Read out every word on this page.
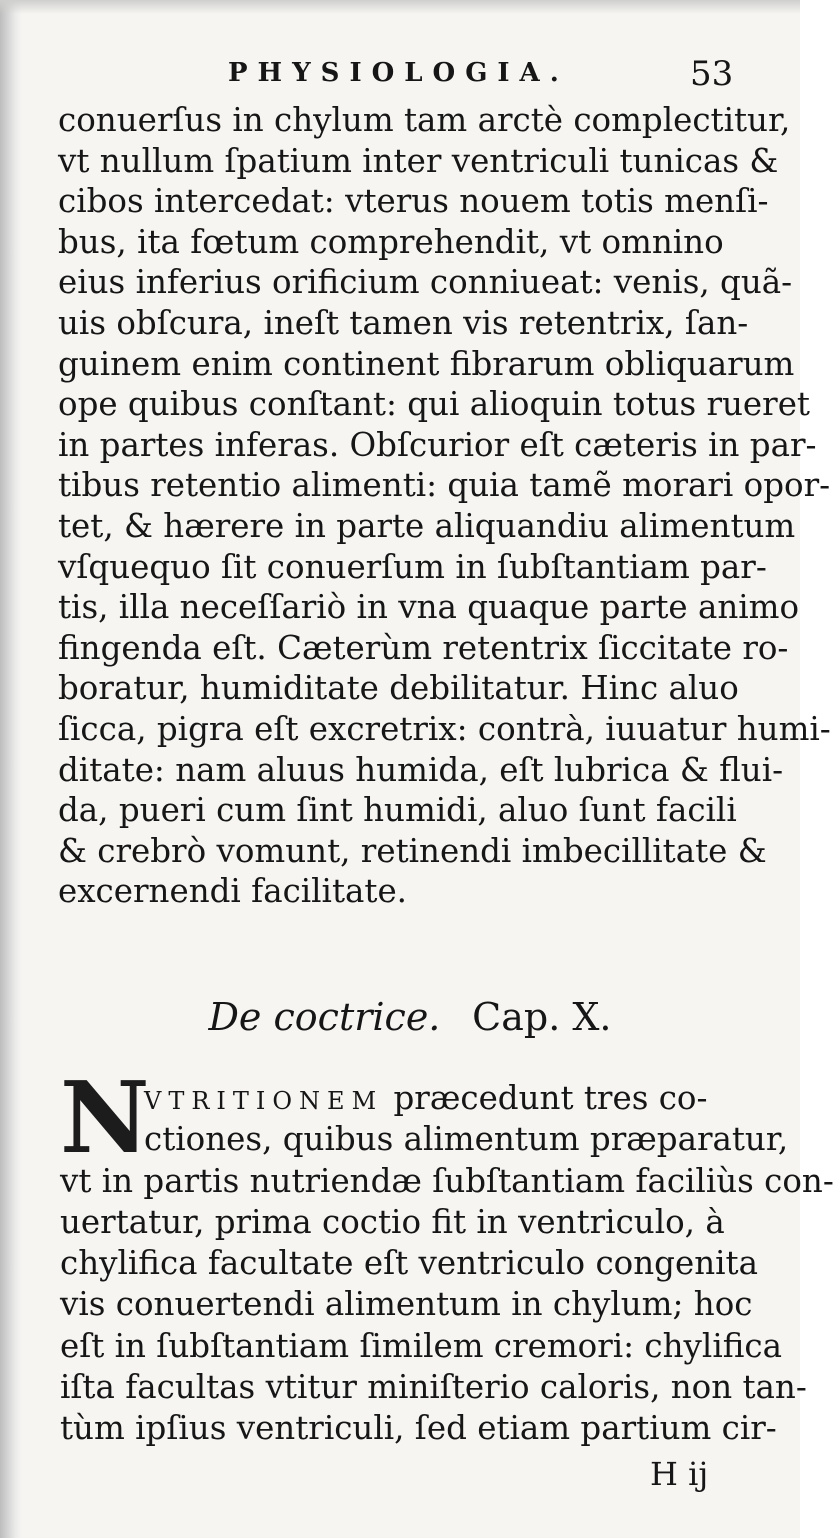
PHYSIOLOGIA.	53
conuerſus in chylum tam arctè complectitur,
vt nullum ſpatium inter ventriculi tunicas &
cibos intercedat: vterus nouem totis menſi-
bus, ita fœtum comprehendit, vt omnino
eius inferius orificium conniueat: venis, quã-
uis obſcura, ineſt tamen vis retentrix, ſan-
guinem enim continent fibrarum obliquarum
ope quibus conſtant: qui alioquin totus rueret
in partes inferas. Obſcurior eſt cæteris in par-
tibus retentio alimenti: quia tamẽ morari opor-
tet, & hærere in parte aliquandiu alimentum
vſquequo ſit conuerſum in ſubſtantiam par-
tis, illa neceſſariò in vna quaque parte animo
fingenda eſt. Cæterùm retentrix ſiccitate ro-
boratur, humiditate debilitatur. Hinc aluo
ſicca, pigra eſt excretrix: contrà, iuuatur humi-
ditate: nam aluus humida, eſt lubrica & flui-
da, pueri cum ſint humidi, aluo ſunt facili
& crebrò vomunt, retinendi imbecillitate &
excernendi facilitate.
De coctrice.    Cap. X.
N
VTRITIONEM præcedunt tres co-
ctiones, quibus alimentum præparatur,
vt in partis nutriendæ ſubſtantiam faciliùs con-
uertatur, prima coctio fit in ventriculo, à
chylifica facultate eſt ventriculo congenita
vis conuertendi alimentum in chylum; hoc
eſt in ſubſtantiam ſimilem cremori: chylifica
iſta facultas vtitur miniſterio caloris, non tan-
tùm ipſius ventriculi, ſed etiam partium cir-
H ij
